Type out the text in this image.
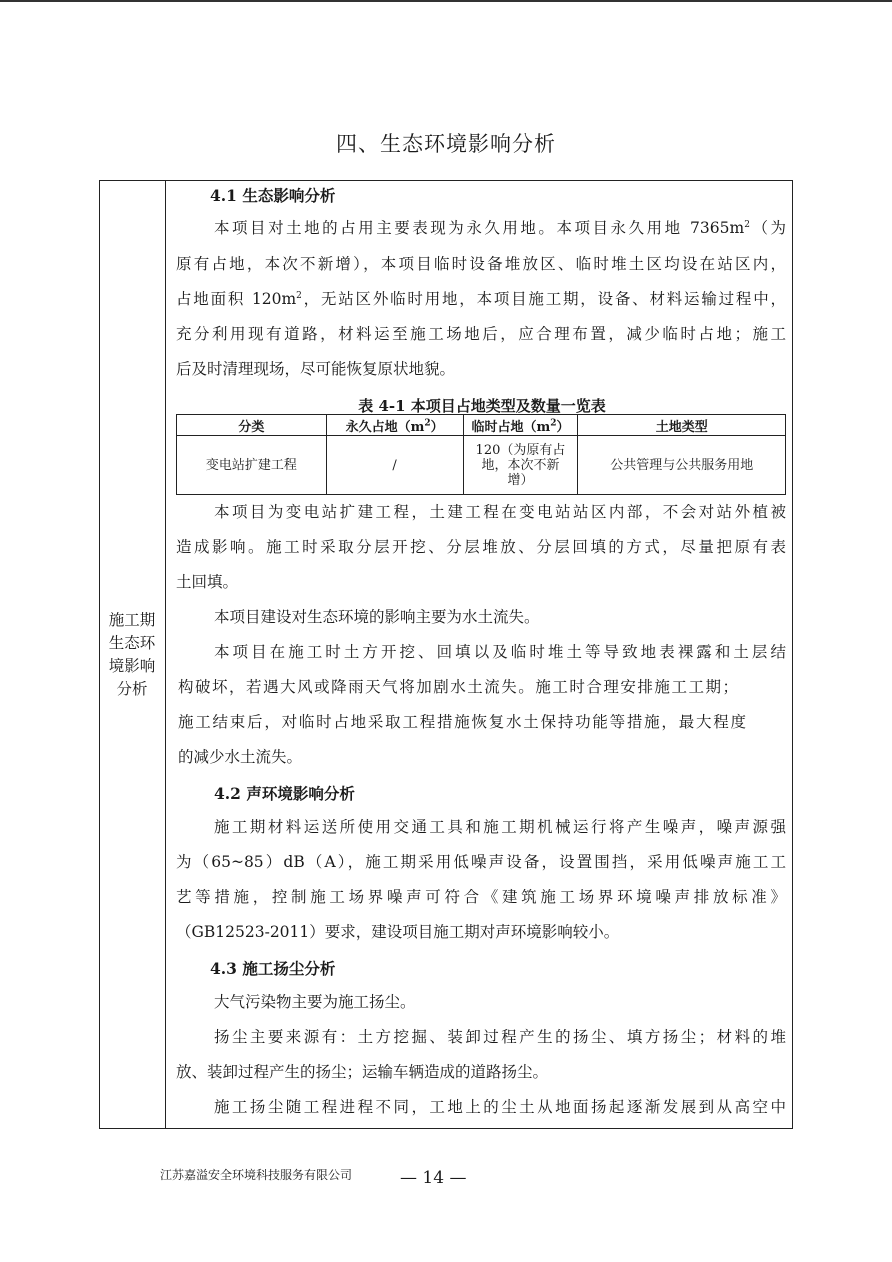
四、生态环境影响分析
施工期
生态环
境影响
分析
4.1 生态影响分析
本项目对土地的占用主要表现为永久用地。本项目永久用地 $7365m^2$（为
原有占地，本次不新增），本项目临时设备堆放区、临时堆土区均设在站区内，
占地面积 $120m^2$，无站区外临时用地，本项目施工期，设备、材料运输过程中，
充分利用现有道路，材料运至施工场地后，应合理布置，减少临时占地；施工
后及时清理现场，尽可能恢复原状地貌。
表 4-1 本项目占地类型及数量一览表
分类	永久占地$(m^2)$	临时占地$(m^2)$	土地类型
变电站扩建工程	/	120（为原有占
地，本次不新
增）	公共管理与公共服务用地
本项目为变电站扩建工程，土建工程在变电站站区内部，不会对站外植被
造成影响。施工时采取分层开挖、分层堆放、分层回填的方式，尽量把原有表
土回填。
本项目建设对生态环境的影响主要为水土流失。
本项目在施工时土方开挖、回填以及临时堆土等导致地表裸露和土层结
构破坏，若遇大风或降雨天气将加剧水土流失。施工时合理安排施工工期；
施工结束后，对临时占地采取工程措施恢复水土保持功能等措施，最大程度
的减少水土流失。
4.2 声环境影响分析
施工期材料运送所使用交通工具和施工期机械运行将产生噪声，噪声源强
为（65~85）dB（A），施工期采用低噪声设备，设置围挡，采用低噪声施工工
艺等措施，控制施工场界噪声可符合《建筑施工场界环境噪声排放标准》
（GB12523-2011）要求，建设项目施工期对声环境影响较小。
4.3 施工扬尘分析
大气污染物主要为施工扬尘。
扬尘主要来源有：土方挖掘、装卸过程产生的扬尘、填方扬尘；材料的堆
放、装卸过程产生的扬尘；运输车辆造成的道路扬尘。
施工扬尘随工程进程不同，工地上的尘土从地面扬起逐渐发展到从高空中
江苏嘉溢安全环境科技服务有限公司	— 14 —
